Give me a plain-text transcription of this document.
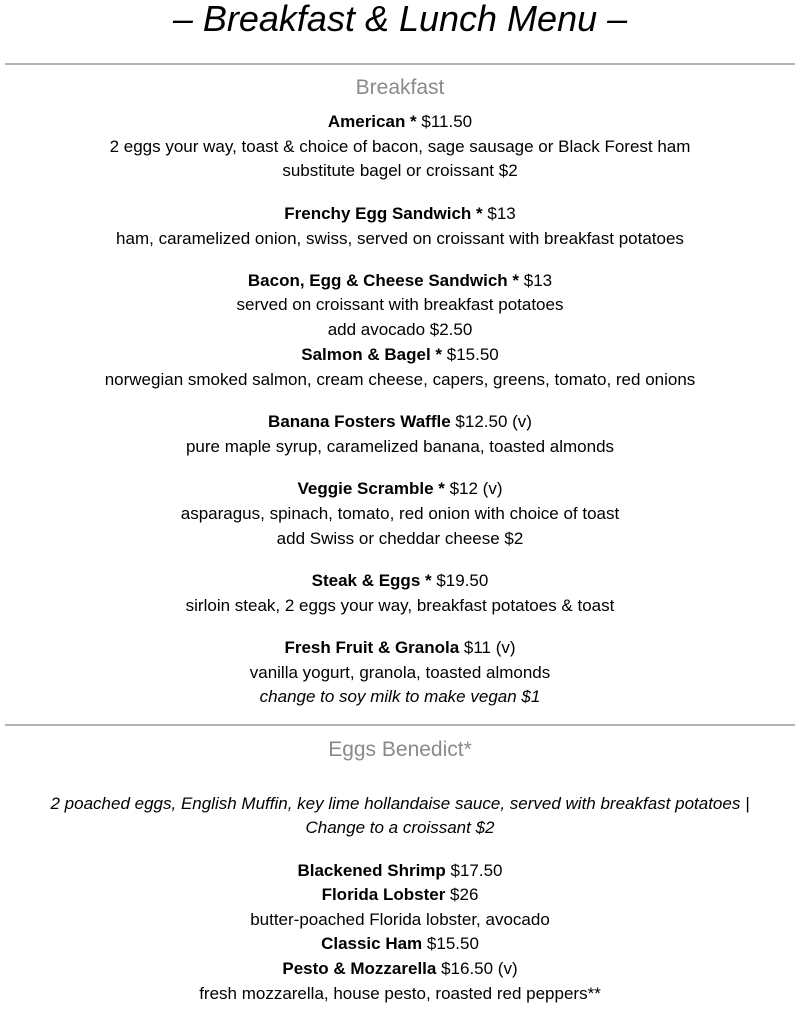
– Breakfast & Lunch Menu –
Breakfast

American * $11.50

2 eggs your way, toast & choice of bacon, sage sausage or Black Forest ham

substitute bagel or croissant $2

Frenchy Egg Sandwich * $13

ham, caramelized onion, swiss, served on croissant with breakfast potatoes

Bacon, Egg & Cheese Sandwich * $13

served on croissant with breakfast potatoes

add avocado $2.50

Salmon & Bagel * $15.50

norwegian smoked salmon, cream cheese, capers, greens, tomato, red onions

Banana Fosters Waffle $12.50 (v)

pure maple syrup, caramelized banana, toasted almonds

Veggie Scramble * $12 (v)

asparagus, spinach, tomato, red onion with choice of toast

add Swiss or cheddar cheese $2

Steak & Eggs * $19.50

sirloin steak, 2 eggs your way, breakfast potatoes & toast

Fresh Fruit & Granola $11 (v)

vanilla yogurt, granola, toasted almonds

change to soy milk to make vegan $1

Eggs Benedict*

2 poached eggs, English Muffin, key lime hollandaise sauce, served with breakfast potatoes |

Change to a croissant $2

Blackened Shrimp $17.50

Florida Lobster $26

butter-poached Florida lobster, avocado

Classic Ham $15.50

Pesto & Mozzarella $16.50 (v)

fresh mozzarella, house pesto, roasted red peppers**
